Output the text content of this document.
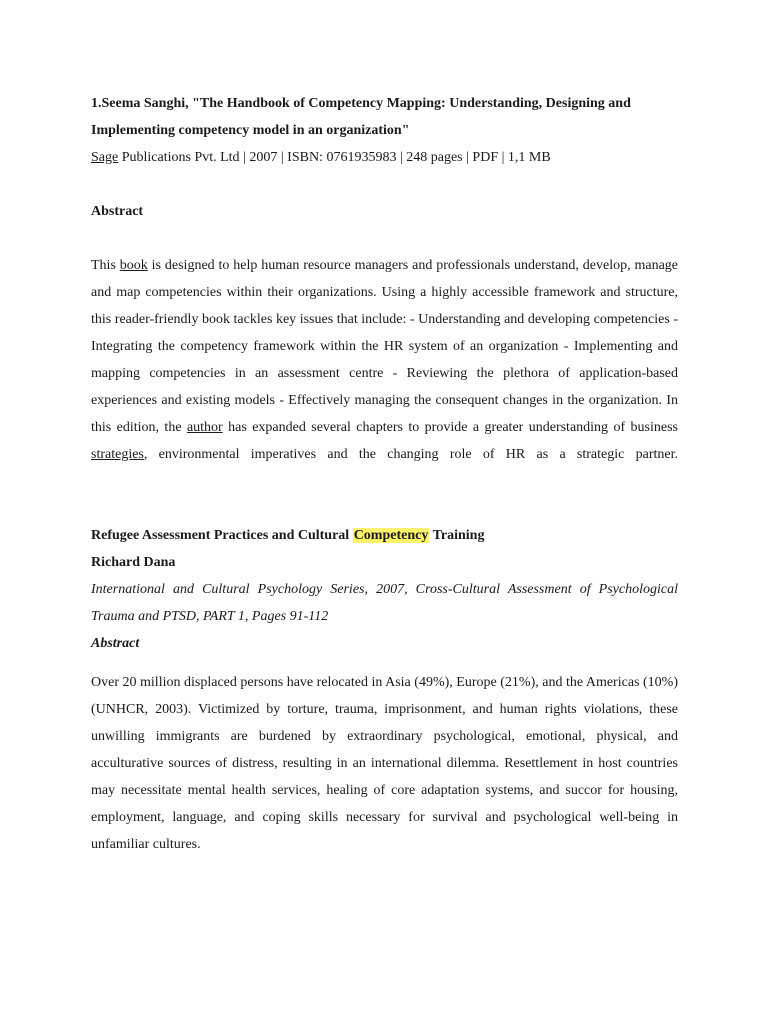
1.Seema Sanghi, "The Handbook of Competency Mapping: Understanding, Designing and

Implementing competency model in an organization"

Sage Publications Pvt. Ltd | 2007 | ISBN: 0761935983 | 248 pages | PDF | 1,1 MB

Abstract

This book is designed to help human resource managers and professionals understand, develop, manage and map competencies within their organizations. Using a highly accessible framework and structure, this reader-friendly book tackles key issues that include: - Understanding and developing competencies - Integrating the competency framework within the HR system of an organization - Implementing and mapping competencies in an assessment centre - Reviewing the plethora of application-based experiences and existing models - Effectively managing the consequent changes in the organization. In this edition, the author has expanded several chapters to provide a greater understanding of business strategies, environmental imperatives and the changing role of HR as a strategic partner.

Refugee Assessment Practices and Cultural Competency Training

Richard Dana

International and Cultural Psychology Series, 2007, Cross-Cultural Assessment of Psychological Trauma and PTSD, PART 1, Pages 91-112

Abstract

Over 20 million displaced persons have relocated in Asia (49%), Europe (21%), and the Americas (10%) (UNHCR, 2003). Victimized by torture, trauma, imprisonment, and human rights violations, these unwilling immigrants are burdened by extraordinary psychological, emotional, physical, and acculturative sources of distress, resulting in an international dilemma. Resettlement in host countries may necessitate mental health services, healing of core adaptation systems, and succor for housing, employment, language, and coping skills necessary for survival and psychological well-being in unfamiliar cultures.
